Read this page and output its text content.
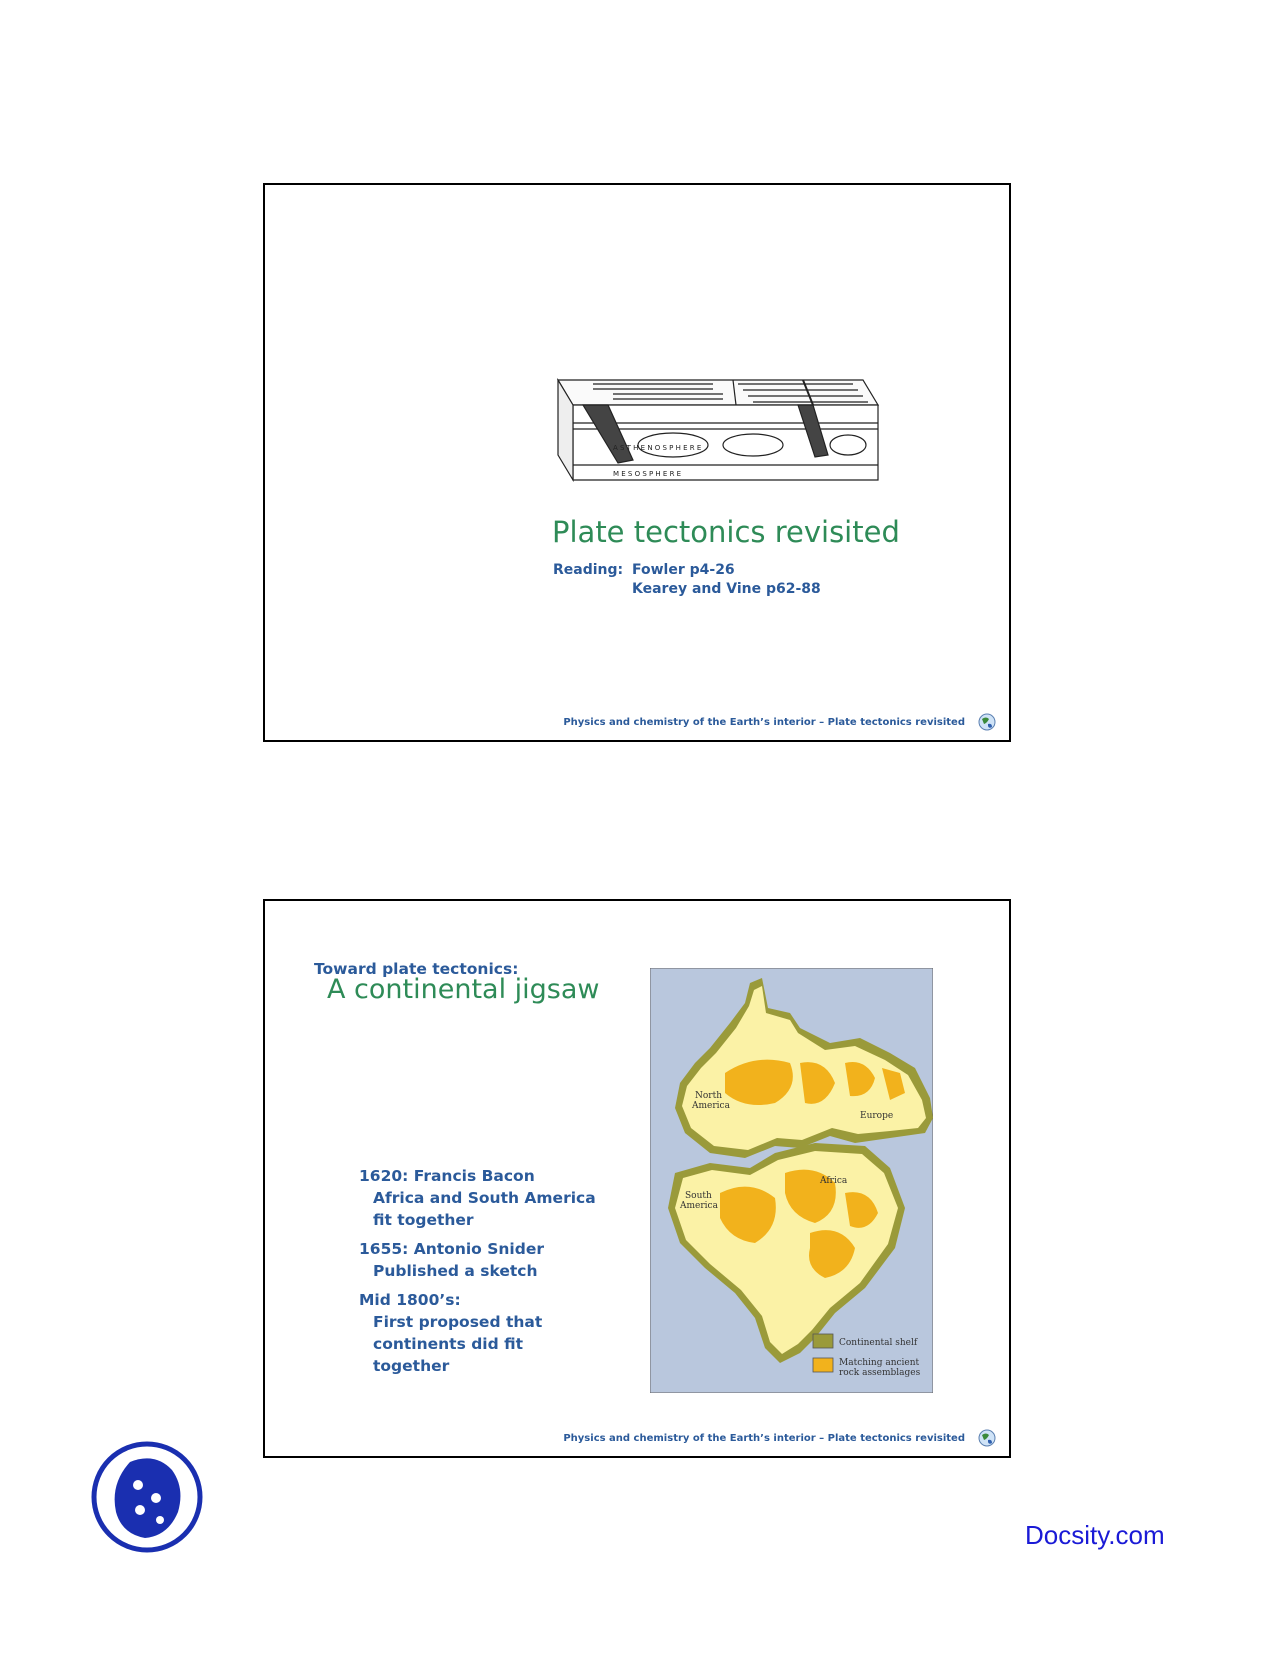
A S T H E N O S P H E R E
M E S O S P H E R E
Plate tectonics revisited
Reading: Fowler p4-26
Kearey and Vine p62-88
Physics and chemistry of the Earth’s interior – Plate tectonics revisited
Toward plate tectonics:
A continental jigsaw
1620: Francis Bacon
Africa and South America
fit together
1655: Antonio Snider
Published a sketch
Mid 1800’s:
First proposed that
continents did fit
together
North America
Europe
Africa
South America
Continental shelf
Matching ancient rock assemblages
Physics and chemistry of the Earth’s interior – Plate tectonics revisited
Docsity.com
